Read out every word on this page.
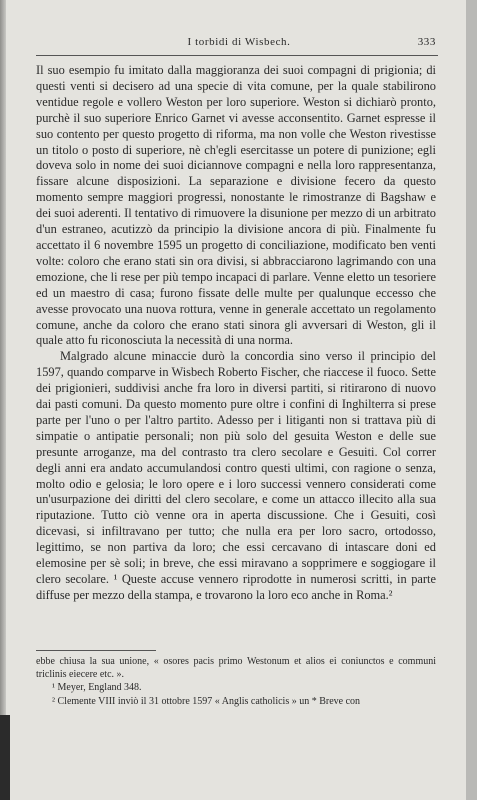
I torbidi di Wisbech.	333

Il suo esempio fu imitato dalla maggioranza dei suoi compagni di prigionia; di questi venti si decisero ad una specie di vita comune, per la quale stabilirono ventidue regole e vollero Weston per loro superiore. Weston si dichiarò pronto, purchè il suo superiore Enrico Garnet vi avesse acconsentito. Garnet espresse il suo contento per questo progetto di riforma, ma non volle che Weston rivestisse un titolo o posto di superiore, nè ch'egli esercitasse un potere di punizione; egli doveva solo in nome dei suoi diciannove compagni e nella loro rappresentanza, fissare alcune disposizioni. La separazione e divisione fecero da questo momento sempre maggiori progressi, nonostante le rimostranze di Bagshaw e dei suoi aderenti. Il tentativo di rimuovere la disunione per mezzo di un arbitrato d'un estraneo, acutizzò da principio la divisione ancora di più. Finalmente fu accettato il 6 novembre 1595 un progetto di conciliazione, modificato ben venti volte: coloro che erano stati sin ora divisi, si abbracciarono lagrimando con una emozione, che li rese per più tempo incapaci di parlare. Venne eletto un tesoriere ed un maestro di casa; furono fissate delle multe per qualunque eccesso che avesse provocato una nuova rottura, venne in generale accettato un regolamento comune, anche da coloro che erano stati sinora gli avversari di Weston, gli il quale atto fu riconosciuta la necessità di una norma.

Malgrado alcune minaccie durò la concordia sino verso il principio del 1597, quando comparve in Wisbech Roberto Fischer, che riaccese il fuoco. Sette dei prigionieri, suddivisi anche fra loro in diversi partiti, si ritirarono di nuovo dai pasti comuni. Da questo momento pure oltre i confini di Inghilterra si prese parte per l'uno o per l'altro partito. Adesso per i litiganti non si trattava più di simpatie o antipatie personali; non più solo del gesuita Weston e delle sue presunte arroganze, ma del contrasto tra clero secolare e Gesuiti. Col correr degli anni era andato accumulandosi contro questi ultimi, con ragione o senza, molto odio e gelosia; le loro opere e i loro successi vennero considerati come un'usurpazione dei diritti del clero secolare, e come un attacco illecito alla sua riputazione. Tutto ciò venne ora in aperta discussione. Che i Gesuiti, così dicevasi, si infiltravano per tutto; che nulla era per loro sacro, ortodosso, legittimo, se non partiva da loro; che essi cercavano di intascare doni ed elemosine per sè soli; in breve, che essi miravano a sopprimere e soggiogare il clero secolare. ¹ Queste accuse vennero riprodotte in numerosi scritti, in parte diffuse per mezzo della stampa, e trovarono la loro eco anche in Roma.²

ebbe chiusa la sua unione, « osores pacis primo Westonum et alios ei coniunctos e communi triclinis eiecere etc. ».

¹ Meyer, England 348.

² Clemente VIII inviò il 31 ottobre 1597 « Anglis catholicis » un * Breve con
